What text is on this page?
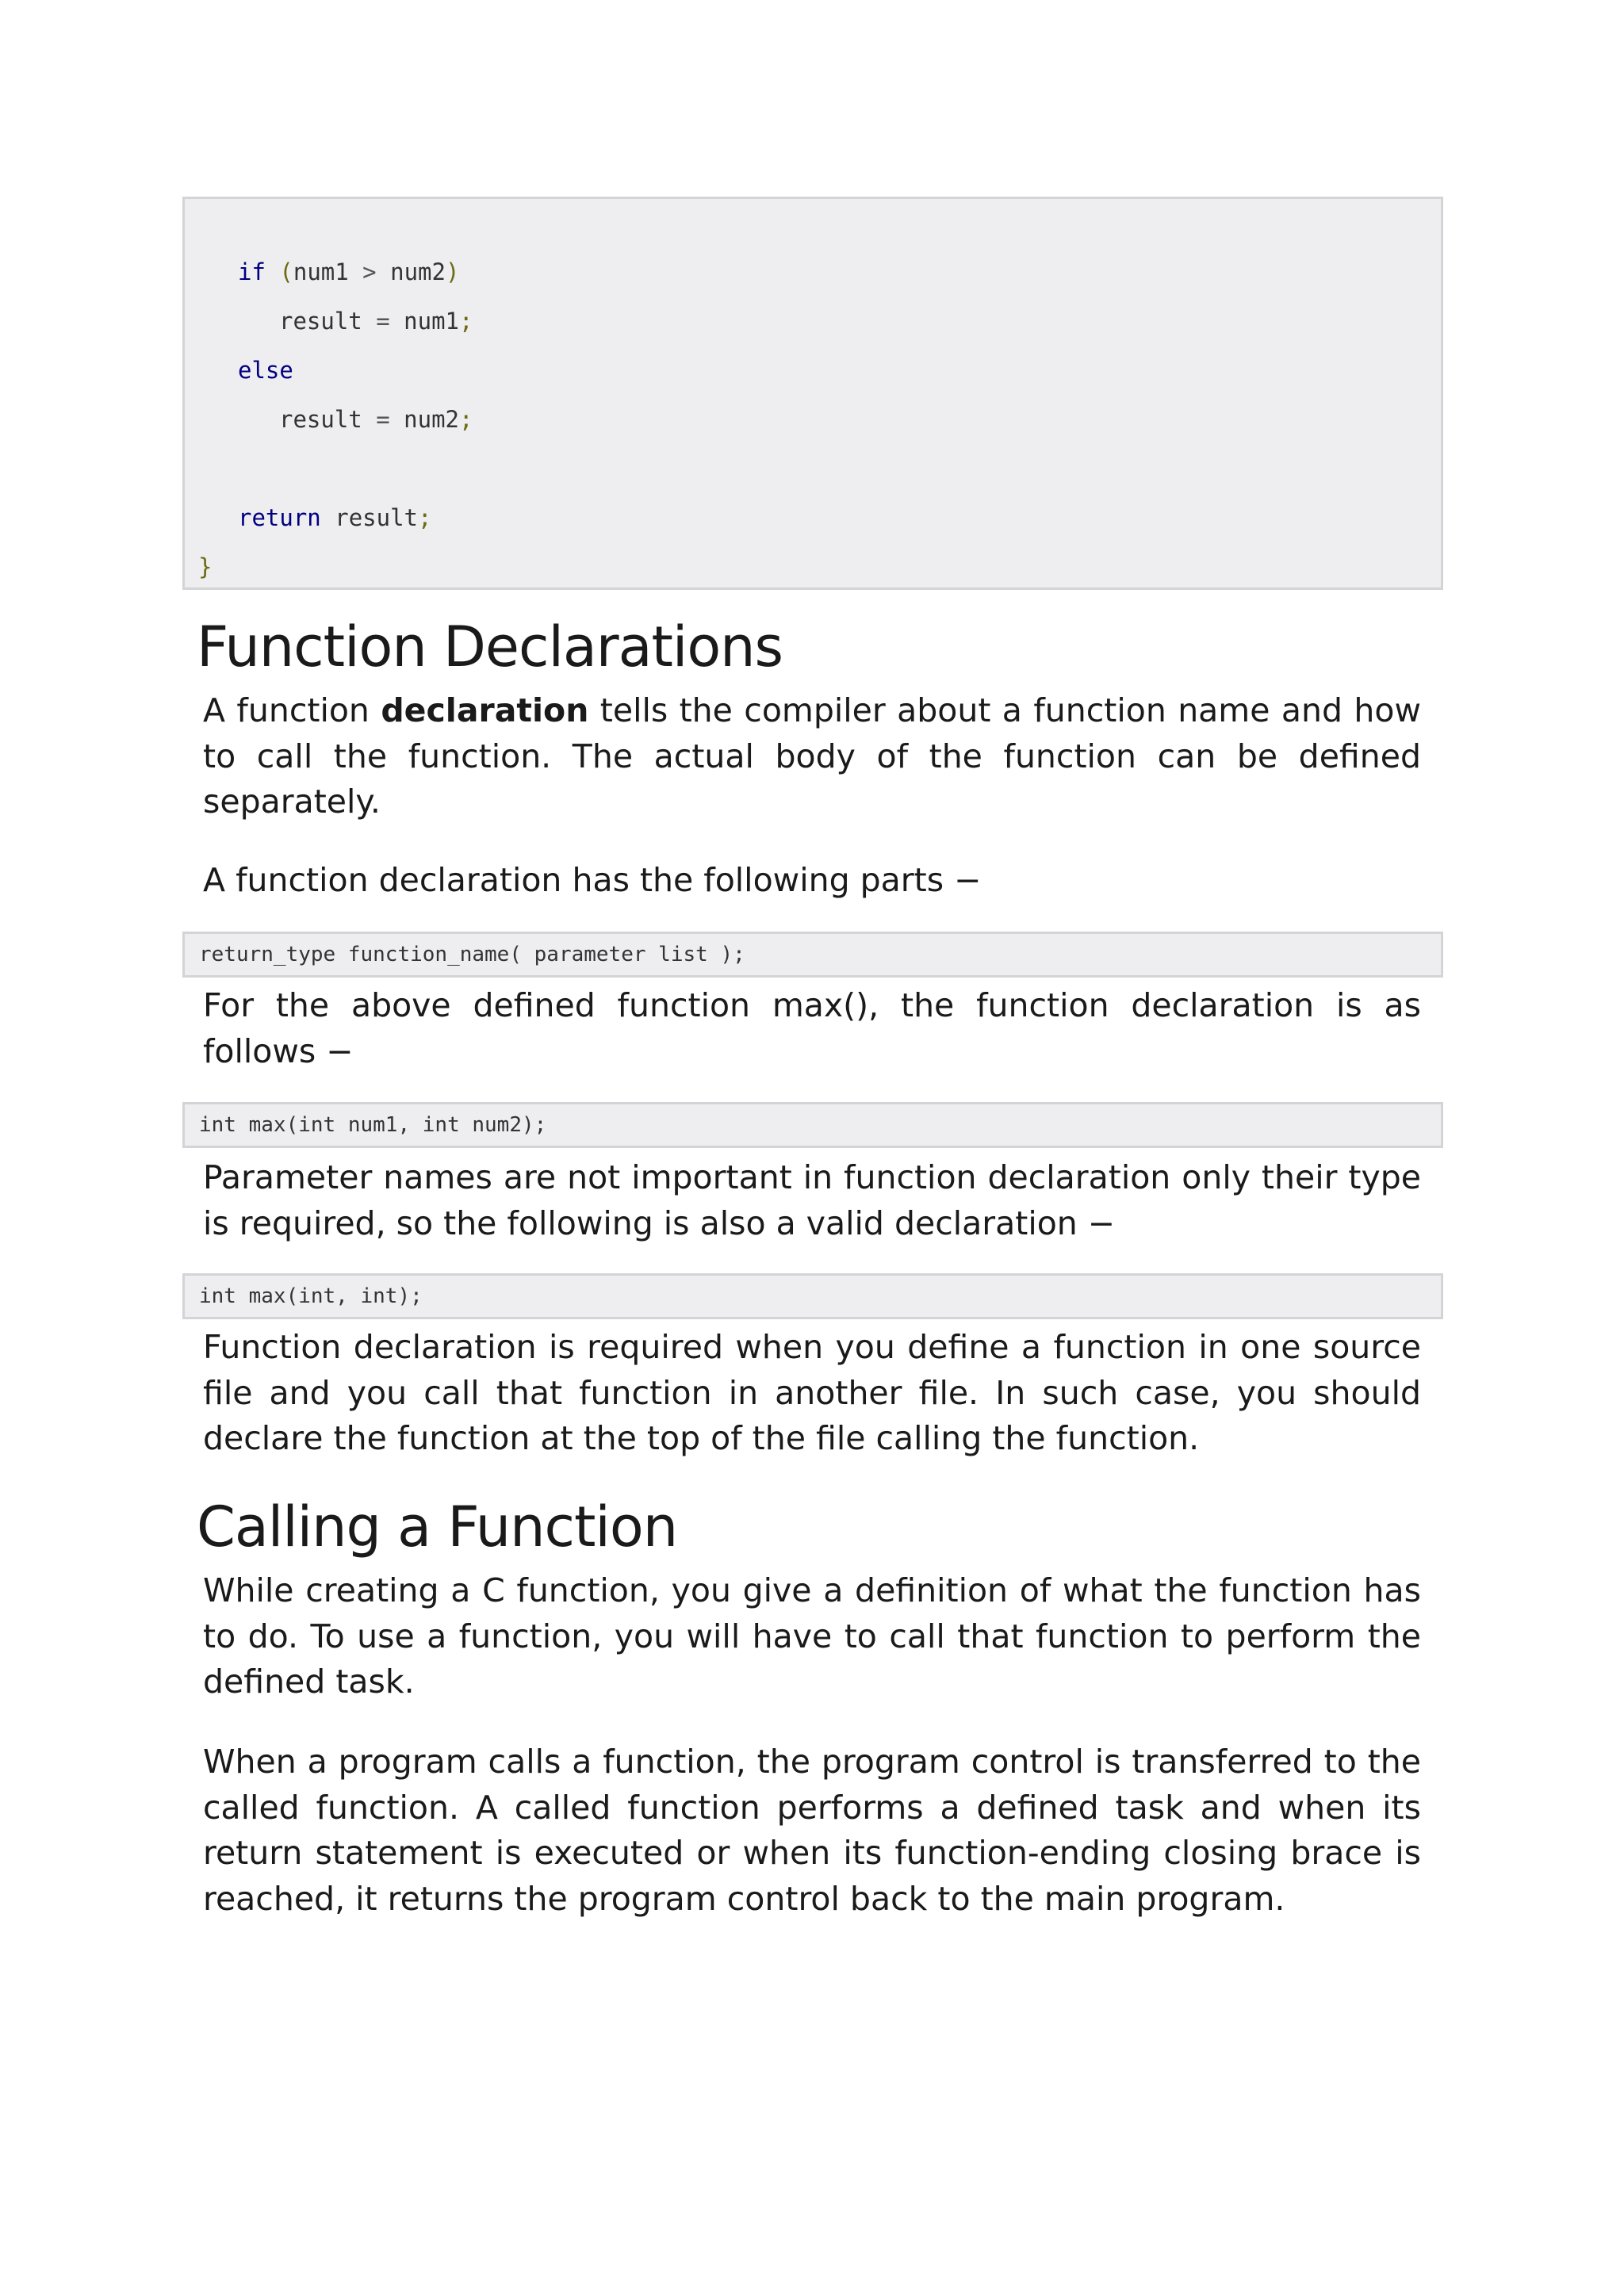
if (num1 > num2)
result = num1;
else
result = num2;
return result;
}
Function Declarations

A function declaration tells the compiler about a function name and how to call the function. The actual body of the function can be defined separately.

A function declaration has the following parts −

return_type function_name( parameter list );

For the above defined function max(), the function declaration is as follows −

int max(int num1, int num2);

Parameter names are not important in function declaration only their type is required, so the following is also a valid declaration −

int max(int, int);

Function declaration is required when you define a function in one source file and you call that function in another file. In such case, you should declare the function at the top of the file calling the function.

Calling a Function

While creating a C function, you give a definition of what the function has to do. To use a function, you will have to call that function to perform the defined task.

When a program calls a function, the program control is transferred to the called function. A called function performs a defined task and when its return statement is executed or when its function-ending closing brace is reached, it returns the program control back to the main program.
